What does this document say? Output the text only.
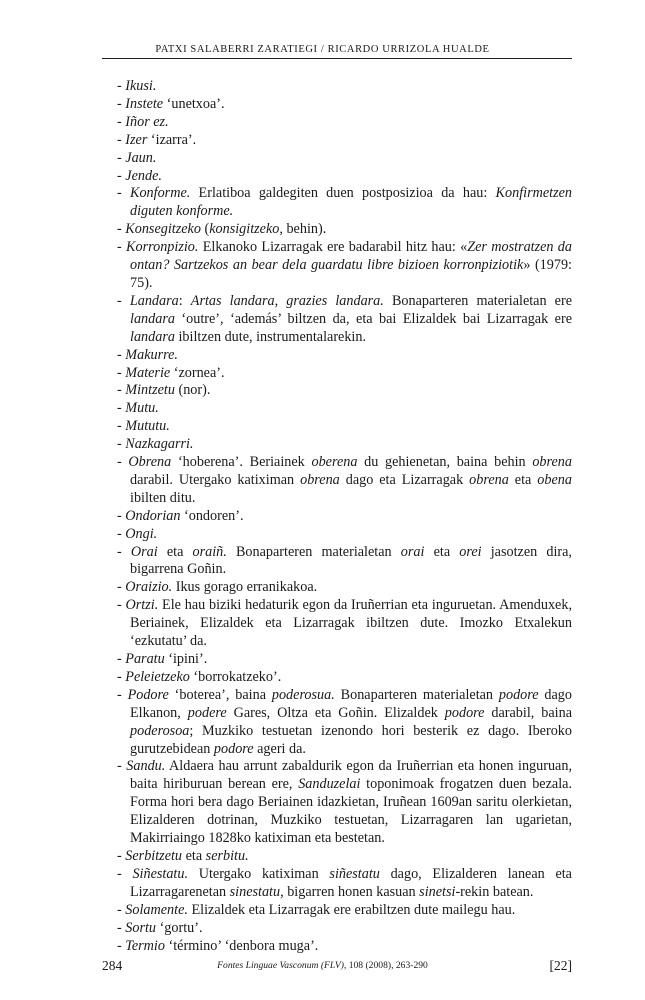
PATXI SALABERRI ZARATIEGI / RICARDO URRIZOLA HUALDE

- Ikusi.

- Instete ‘unetxoa’.

- Iñor ez.

- Izer ‘izarra’.

- Jaun.

- Jende.

- Konforme. Erlatiboa galdegiten duen postposizioa da hau: Konfirmetzen diguten konforme.

- Konsegitzeko (konsigitzeko, behin).

- Korronpizio. Elkanoko Lizarragak ere badarabil hitz hau: «Zer mostratzen da ontan? Sartzekos an bear dela guardatu libre bizioen korronpiziotik» (1979: 75).

- Landara: Artas landara, grazies landara. Bonaparteren materialetan ere landara ‘outre’, ‘además’ biltzen da, eta bai Elizaldek bai Lizarragak ere landara ibiltzen dute, instrumentalarekin.

- Makurre.

- Materie ‘zornea’.

- Mintzetu (nor).

- Mutu.

- Mututu.

- Nazkagarri.

- Obrena ‘hoberena’. Beriainek oberena du gehienetan, baina behin obrena darabil. Utergako katiximan obrena dago eta Lizarragak obrena eta obena ibilten ditu.

- Ondorian ‘ondoren’.

- Ongi.

- Orai eta oraiñ. Bonaparteren materialetan orai eta orei jasotzen dira, bigarrena Goñin.

- Oraizio. Ikus gorago erranikakoa.

- Ortzi. Ele hau biziki hedaturik egon da Iruñerrian eta inguruetan. Amenduxek, Beriainek, Elizaldek eta Lizarragak ibiltzen dute. Imozko Etxalekun ‘ezkutatu’ da.

- Paratu ‘ipini’.

- Peleietzeko ‘borrokatzeko’.

- Podore ‘boterea’, baina poderosua. Bonaparteren materialetan podore dago Elkanon, podere Gares, Oltza eta Goñin. Elizaldek podore darabil, baina poderosoa; Muzkiko testuetan izenondo hori besterik ez dago. Iberoko gurutzebidean podore ageri da.

- Sandu. Aldaera hau arrunt zabaldurik egon da Iruñerrian eta honen inguruan, baita hiriburuan berean ere, Sanduzelai toponimoak frogatzen duen bezala. Forma hori bera dago Beriainen idazkietan, Iruñean 1609an saritu olerkietan, Elizalderen dotrinan, Muzkiko testuetan, Lizarragaren lan ugarietan, Makirriaingo 1828ko katiximan eta bestetan.

- Serbitzetu eta serbitu.

- Siñestatu. Utergako katiximan siñestatu dago, Elizalderen lanean eta Lizarragarenetan sinestatu, bigarren honen kasuan sinetsi-rekin batean.

- Solamente. Elizaldek eta Lizarragak ere erabiltzen dute mailegu hau.

- Sortu ‘gortu’.

- Termio ‘término’ ‘denbora muga’.

284	Fontes Linguae Vasconum (FLV), 108 (2008), 263-290	[22]
